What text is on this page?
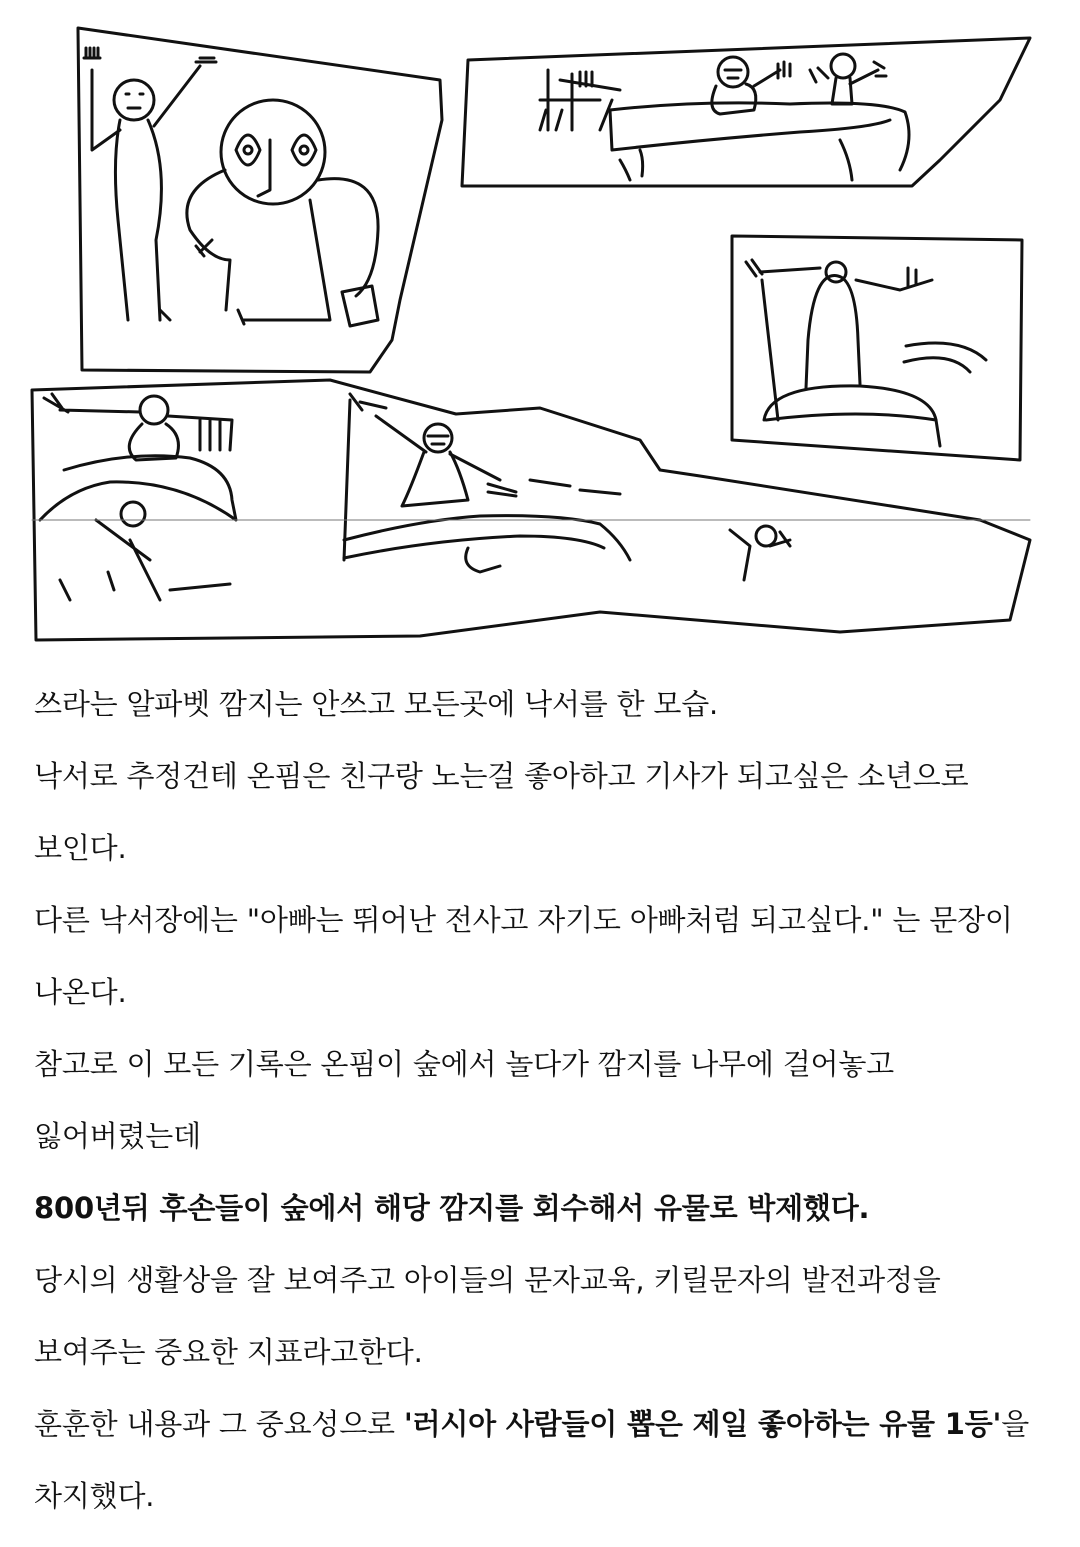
쓰라는 알파벳 깜지는 안쓰고 모든곳에 낙서를 한 모습.

낙서로 추정건테 온핌은 친구랑 노는걸 좋아하고 기사가 되고싶은 소년으로 보인다.

다른 낙서장에는 "아빠는 뛰어난 전사고 자기도 아빠처럼 되고싶다." 는 문장이 나온다.

참고로 이 모든 기록은 온핌이 숲에서 놀다가 깜지를 나무에 걸어놓고 잃어버렸는데

800년뒤 후손들이 숲에서 해당 깜지를 회수해서 유물로 박제했다.

당시의 생활상을 잘 보여주고 아이들의 문자교육, 키릴문자의 발전과정을 보여주는 중요한 지표라고한다.

훈훈한 내용과 그 중요성으로 '러시아 사람들이 뽑은 제일 좋아하는 유물 1등'을 차지했다.
